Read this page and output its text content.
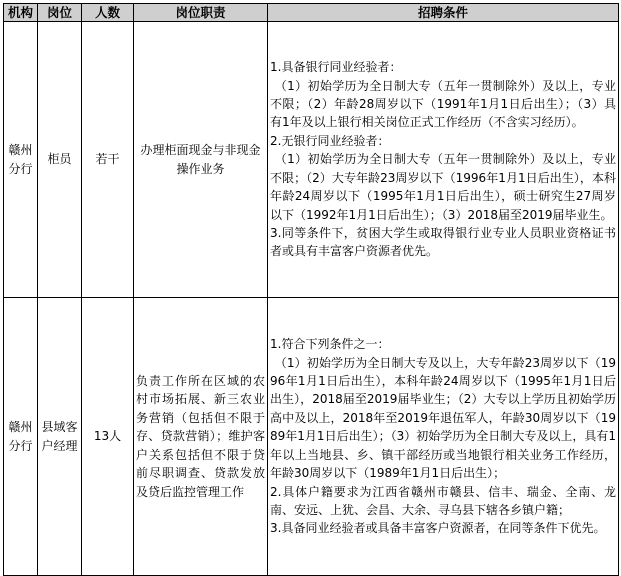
机构	岗位	人数	岗位职责	招聘条件
赣州分行	柜员	若干	办理柜面现金与非现金操作业务	1.具备银行同业经验者：
（1）初始学历为全日制大专（五年一贯制除外）及以上，专业不限；（2）年龄28周岁以下（1991年1月1日后出生）；（3）具有1年及以上银行相关岗位正式工作经历（不含实习经历）。
2.无银行同业经验者：
（1）初始学历为全日制大专（五年一贯制除外）及以上，专业不限；（2）大专年龄23周岁以下（1996年1月1日后出生），本科年龄24周岁以下（1995年1月1日后出生），硕士研究生27周岁以下（1992年1月1日后出生）；（3）2018届至2019届毕业生。
3.同等条件下，贫困大学生或取得银行业专业人员职业资格证书者或具有丰富客户资源者优先。

赣州分行	县域客户经理	13人	负责工作所在区域的农村市场拓展、新三农业务营销（包括但不限于存、贷款营销）；维护客户关系包括但不限于贷前尽职调查、贷款发放及贷后监控管理工作	1.符合下列条件之一：
（1）初始学历为全日制大专及以上，大专年龄23周岁以下（1996年1月1日后出生），本科年龄24周岁以下（1995年1月1日后出生），2018届至2019届毕业生；（2）大专以上学历且初始学历高中及以上，2018年至2019年退伍军人，年龄30周岁以下（1989年1月1日后出生）；（3）初始学历为全日制大专及以上，具有1年以上当地县、乡、镇干部经历或当地银行相关业务工作经历，年龄30周岁以下（1989年1月1日后出生）；
2.具体户籍要求为江西省赣州市赣县、信丰、瑞金、全南、龙南、安远、上犹、会昌、大余、寻乌县下辖各乡镇户籍；
3.具备同业经验者或具备丰富客户资源者，在同等条件下优先。
